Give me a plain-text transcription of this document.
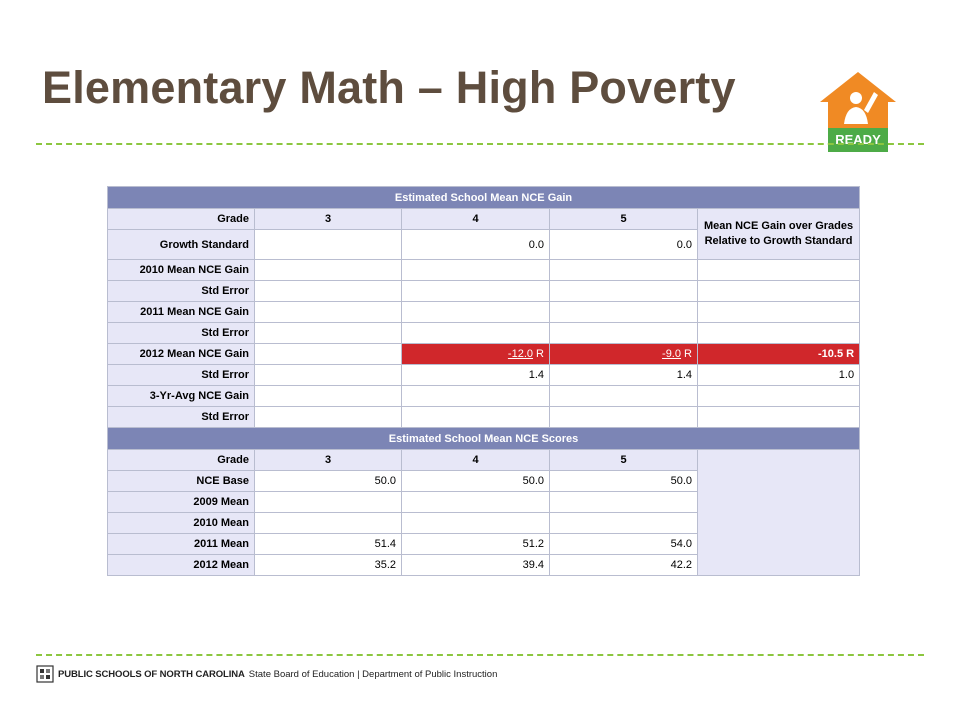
Elementary Math – High Poverty
READY
Estimated School Mean NCE Gain				
Grade	3	4	5	Mean NCE Gain over Grades Relative to Growth Standard
Growth Standard		0.0	0.0	
2010 Mean NCE Gain				
Std Error				
2011 Mean NCE Gain				
Std Error				
2012 Mean NCE Gain		-12.0 R	-9.0 R	-10.5 R
Std Error		1.4	1.4	1.0
3-Yr-Avg NCE Gain				
Std Error				
Estimated School Mean NCE Scores				
Grade	3	4	5	
NCE Base	50.0	50.0	50.0	
2009 Mean				
2010 Mean				
2011 Mean	51.4	51.2	54.0	
2012 Mean	35.2	39.4	42.2	
PUBLIC SCHOOLS OF NORTH CAROLINA State Board of Education | Department of Public Instruction
